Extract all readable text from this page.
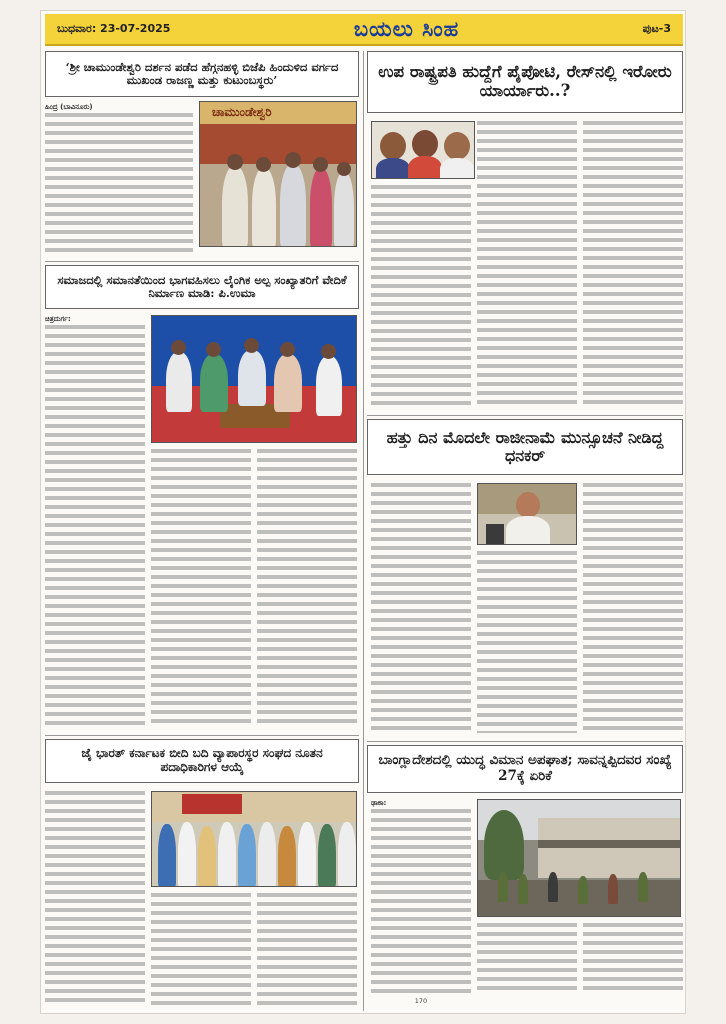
ಬುಧವಾರ: 23-07-2025	ಬಯಲು ಸಿಂಹ	ಪುಟ-3
‘ಶ್ರೀ ಚಾಮುಂಡೇಶ್ವರಿ ದರ್ಶನ ಪಡೆದ ಹೆಗ್ಗನಹಳ್ಳಿ ಬಿಜೆಪಿ ಹಿಂದುಳಿದ ವರ್ಗದ ಮುಖಂಡ ರಾಜಣ್ಣ ಮತ್ತು ಕುಟುಂಬಸ್ಥರು’
ಹಿಂದ್ರ (ಬಾವಿನೂರು)	ಚಾಮುಂಡೇಶ್ವರಿ
ಸಮಾಜದಲ್ಲಿ ಸಮಾನತೆಯಿಂದ ಭಾಗವಹಿಸಲು ಲೈಂಗಿಕ ಅಲ್ಪ ಸಂಖ್ಯಾತರಿಗೆ ವೇದಿಕೆ ನಿರ್ಮಾಣ ಮಾಡಿ: ಪಿ.ಉಮಾ
ಚಿತ್ರದುರ್ಗ:
ಜೈ ಭಾರತ್ ಕರ್ನಾಟಕ ಬೀದಿ ಬದಿ ವ್ಯಾಪಾರಸ್ಥರ ಸಂಘದ ನೂತನ ಪದಾಧಿಕಾರಿಗಳ ಆಯ್ಕೆ
ಉಪ ರಾಷ್ಟ್ರಪತಿ ಹುದ್ದೆಗೆ ಪೈಪೋಟಿ, ರೇಸ್‌ನಲ್ಲಿ ಇರೋರು ಯಾರ್ಯಾರು..?
ಹತ್ತು ದಿನ ಮೊದಲೇ ರಾಜೀನಾಮೆ ಮುನ್ಸೂಚನೆ ನೀಡಿದ್ದ ಧನಕರ್
ಬಾಂಗ್ಲಾದೇಶದಲ್ಲಿ ಯುದ್ಧ ವಿಮಾನ ಅಪಘಾತ; ಸಾವನ್ನಪ್ಪಿದವರ ಸಂಖ್ಯೆ 27ಕ್ಕೆ ಏರಿಕೆ
ಢಾಕಾ:
170
